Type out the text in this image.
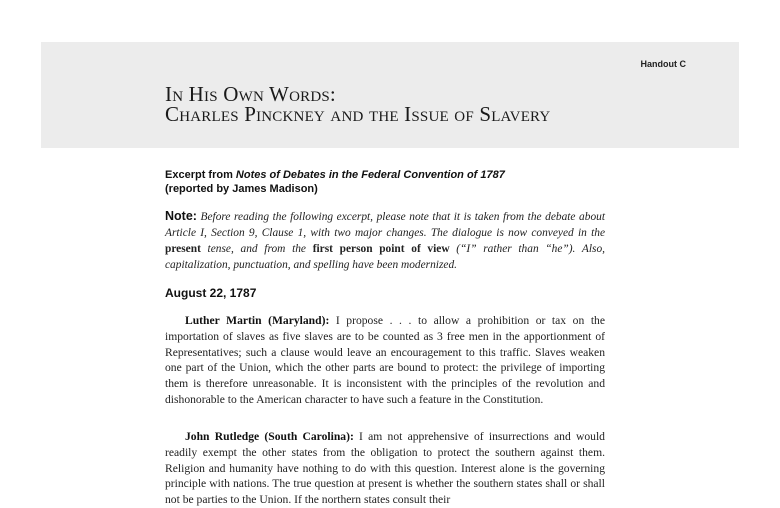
Handout C
In His Own Words:
Charles Pinckney and the Issue of Slavery
Excerpt from Notes of Debates in the Federal Convention of 1787
(reported by James Madison)
Note: Before reading the following excerpt, please note that it is taken from the debate about Article I, Section 9, Clause 1, with two major changes. The dialogue is now conveyed in the present tense, and from the first person point of view (“I” rather than “he”). Also, capitalization, punctuation, and spelling have been modernized.
August 22, 1787

Luther Martin (Maryland): I propose . . . to allow a prohibition or tax on the importation of slaves as five slaves are to be counted as 3 free men in the apportionment of Representatives; such a clause would leave an encouragement to this traffic. Slaves weaken one part of the Union, which the other parts are bound to protect: the privilege of importing them is therefore unreasonable. It is inconsistent with the principles of the revolution and dishonorable to the American character to have such a feature in the Constitution.

John Rutledge (South Carolina): I am not apprehensive of insurrections and would readily exempt the other states from the obligation to protect the southern against them. Religion and humanity have nothing to do with this question. Interest alone is the governing principle with nations. The true question at present is whether the southern states shall or shall not be parties to the Union. If the northern states consult their
